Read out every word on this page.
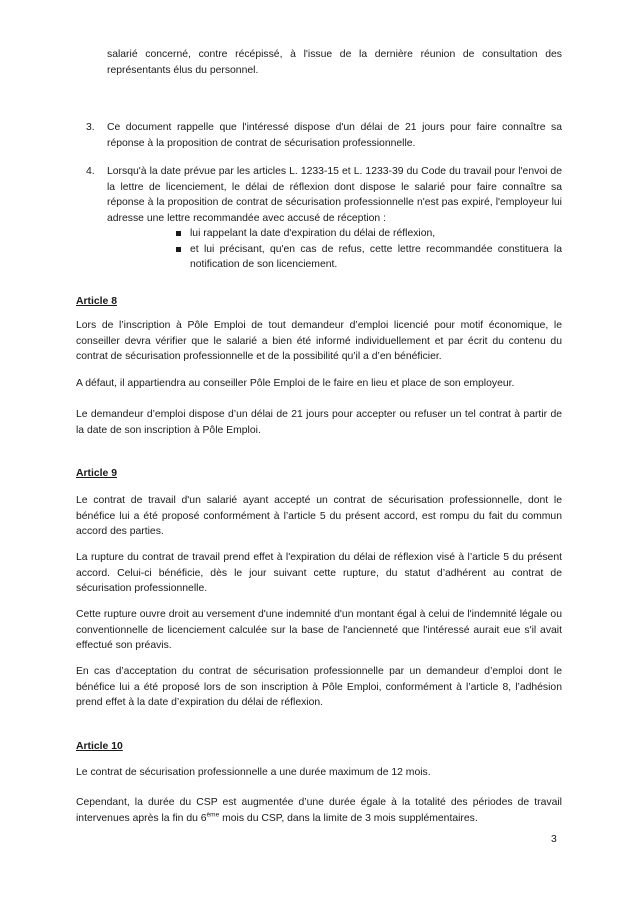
salarié concerné, contre récépissé, à l'issue de la dernière réunion de consultation des représentants élus du personnel.

3. Ce document rappelle que l'intéressé dispose d'un délai de 21 jours pour faire connaître sa réponse à la proposition de contrat de sécurisation professionnelle.

4. Lorsqu'à la date prévue par les articles L. 1233-15 et L. 1233-39 du Code du travail pour l'envoi de la lettre de licenciement, le délai de réflexion dont dispose le salarié pour faire connaître sa réponse à la proposition de contrat de sécurisation professionnelle n'est pas expiré, l'employeur lui adresse une lettre recommandée avec accusé de réception :

lui rappelant la date d'expiration du délai de réflexion,
et lui précisant, qu'en cas de refus, cette lettre recommandée constituera la notification de son licenciement.

Article 8

Lors de l’inscription à Pôle Emploi de tout demandeur d’emploi licencié pour motif économique, le conseiller devra vérifier que le salarié a bien été informé individuellement et par écrit du contenu du contrat de sécurisation professionnelle et de la possibilité qu’il a d’en bénéficier.

A défaut, il appartiendra au conseiller Pôle Emploi de le faire en lieu et place de son employeur.

Le demandeur d’emploi dispose d’un délai de 21 jours pour accepter ou refuser un tel contrat à partir de la date de son inscription à Pôle Emploi.

Article 9

Le contrat de travail d'un salarié ayant accepté un contrat de sécurisation professionnelle, dont le bénéfice lui a été proposé conformément à l’article 5 du présent accord, est rompu du fait du commun accord des parties.

La rupture du contrat de travail prend effet à l'expiration du délai de réflexion visé à l’article 5 du présent accord. Celui-ci bénéficie, dès le jour suivant cette rupture, du statut d’adhérent au contrat de sécurisation professionnelle.

Cette rupture ouvre droit au versement d'une indemnité d'un montant égal à celui de l'indemnité légale ou conventionnelle de licenciement calculée sur la base de l'ancienneté que l'intéressé aurait eue s'il avait effectué son préavis.

En cas d’acceptation du contrat de sécurisation professionnelle par un demandeur d’emploi dont le bénéfice lui a été proposé lors de son inscription à Pôle Emploi, conformément à l’article 8, l’adhésion prend effet à la date d’expiration du délai de réflexion.

Article 10

Le contrat de sécurisation professionnelle a une durée maximum de 12 mois.

Cependant, la durée du CSP est augmentée d’une durée égale à la totalité des périodes de travail intervenues après la fin du 6ème mois du CSP, dans la limite de 3 mois supplémentaires.

3
